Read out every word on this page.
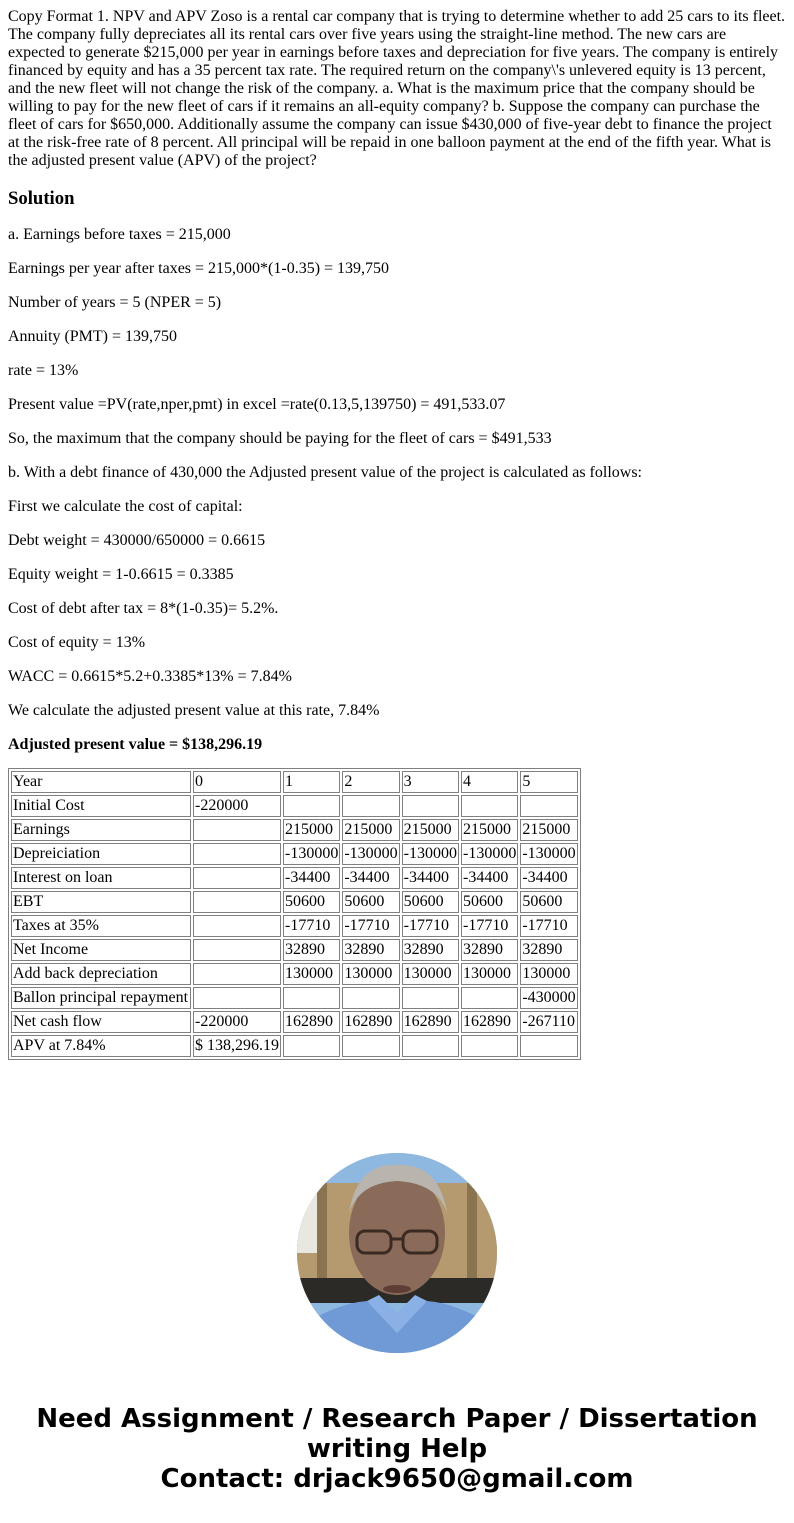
Copy Format 1. NPV and APV Zoso is a rental car company that is trying to determine whether to add 25 cars to its fleet. The company fully depreciates all its rental cars over five years using the straight-line method. The new cars are expected to generate $215,000 per year in earnings before taxes and depreciation for five years. The company is entirely financed by equity and has a 35 percent tax rate. The required return on the company\'s unlevered equity is 13 percent, and the new fleet will not change the risk of the company. a. What is the maximum price that the company should be willing to pay for the new fleet of cars if it remains an all-equity company? b. Suppose the company can purchase the fleet of cars for $650,000. Additionally assume the company can issue $430,000 of five-year debt to finance the project at the risk-free rate of 8 percent. All principal will be repaid in one balloon payment at the end of the fifth year. What is the adjusted present value (APV) of the project?

Solution

a. Earnings before taxes = 215,000

Earnings per year after taxes = 215,000*(1-0.35) = 139,750

Number of years = 5 (NPER = 5)

Annuity (PMT) = 139,750

rate = 13%

Present value =PV(rate,nper,pmt) in excel =rate(0.13,5,139750) = 491,533.07

So, the maximum that the company should be paying for the fleet of cars = $491,533

b. With a debt finance of 430,000 the Adjusted present value of the project is calculated as follows:

First we calculate the cost of capital:

Debt weight = 430000/650000 = 0.6615

Equity weight = 1-0.6615 = 0.3385

Cost of debt after tax = 8*(1-0.35)= 5.2%.

Cost of equity = 13%

WACC = 0.6615*5.2+0.3385*13% = 7.84%

We calculate the adjusted present value at this rate, 7.84%

Adjusted present value = $138,296.19

Year	0	1	2	3	4	5
Initial Cost	-220000					
Earnings		215000	215000	215000	215000	215000
Depreiciation		-130000	-130000	-130000	-130000	-130000
Interest on loan		-34400	-34400	-34400	-34400	-34400
EBT		50600	50600	50600	50600	50600
Taxes at 35%		-17710	-17710	-17710	-17710	-17710
Net Income		32890	32890	32890	32890	32890
Add back depreciation		130000	130000	130000	130000	130000
Ballon principal repayment						-430000
Net cash flow	-220000	162890	162890	162890	162890	-267110
APV at 7.84%	$ 138,296.19					
Need Assignment / Research Paper / Dissertation
writing Help
Contact: drjack9650@gmail.com
